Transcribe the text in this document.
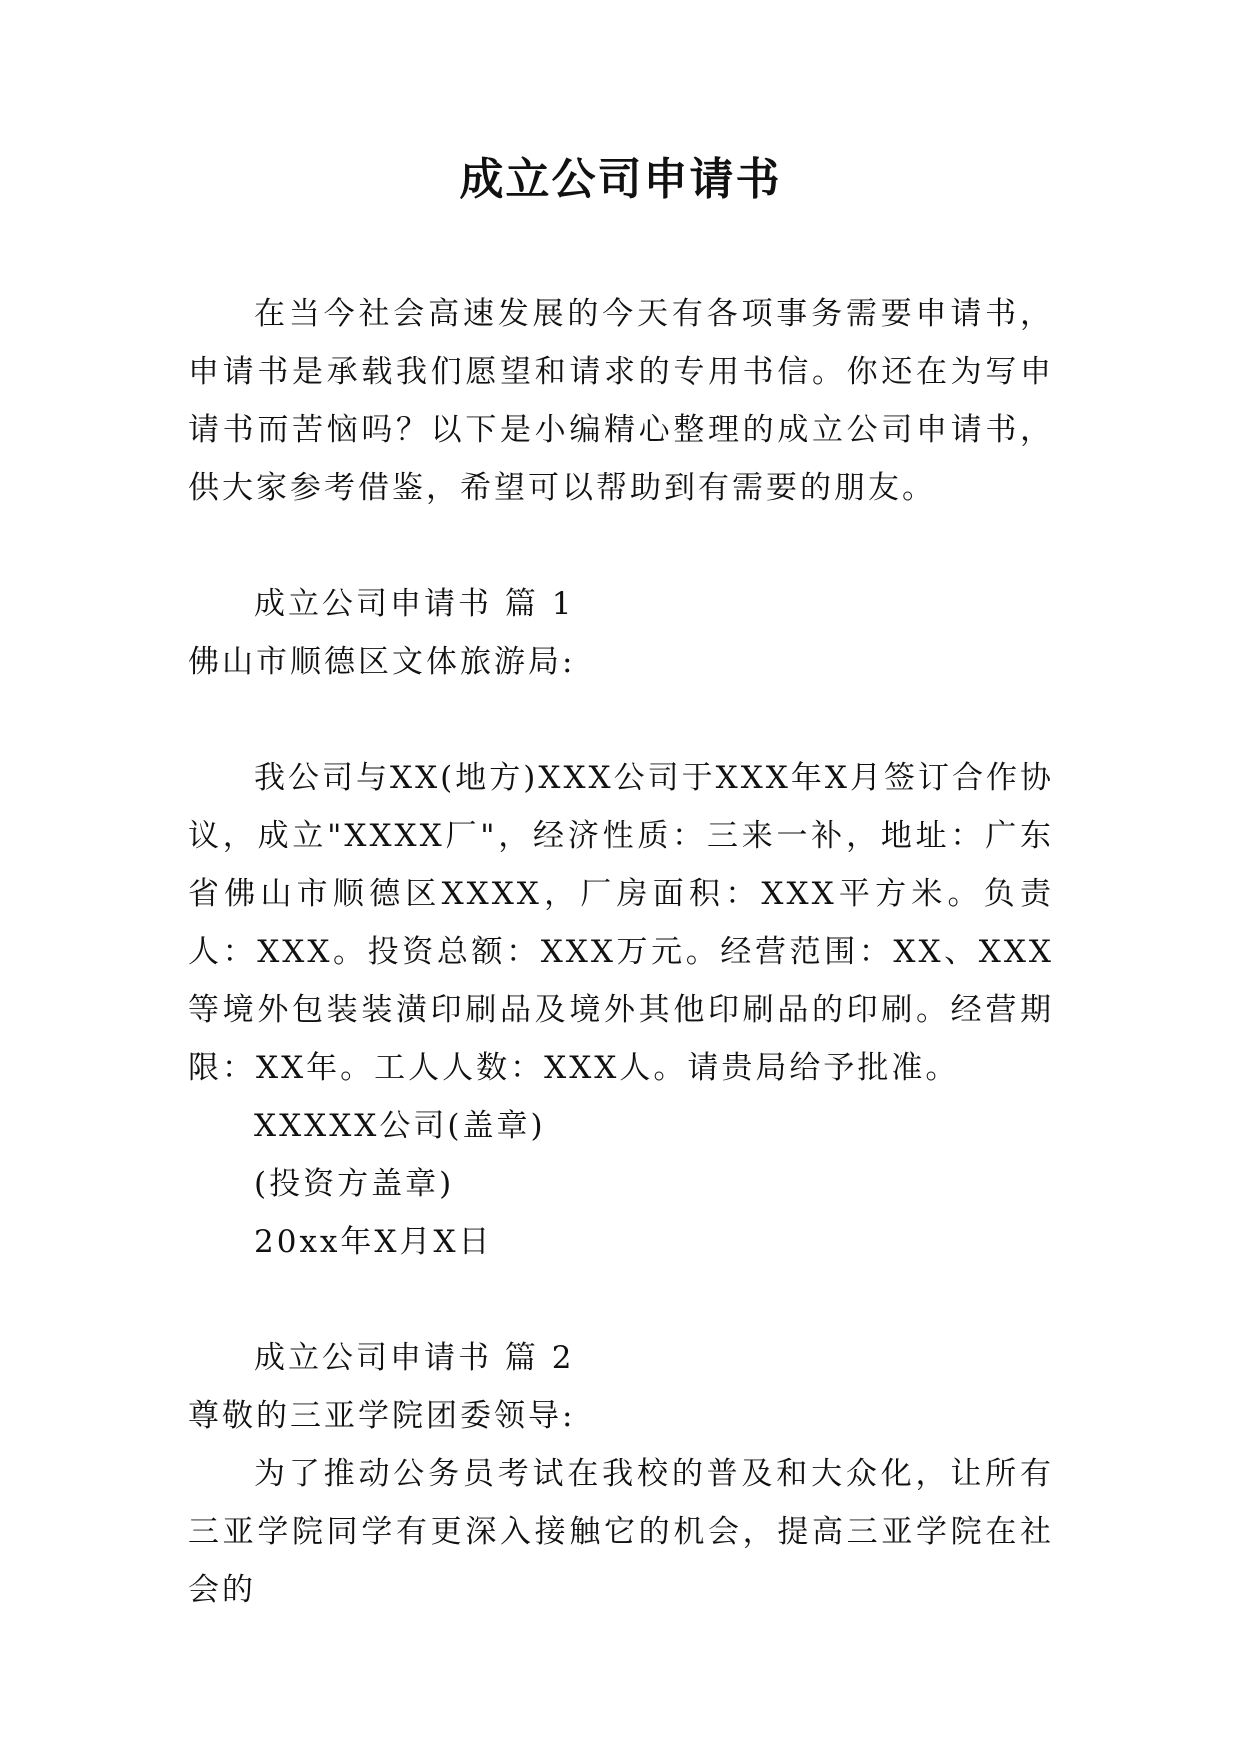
成立公司申请书

在当今社会高速发展的今天有各项事务需要申请书，申请书是承载我们愿望和请求的专用书信。你还在为写申请书而苦恼吗？以下是小编精心整理的成立公司申请书，供大家参考借鉴，希望可以帮助到有需要的朋友。

成立公司申请书 篇 1

佛山市顺德区文体旅游局:

我公司与XX(地方)XXX公司于XXX年X月签订合作协议，成立"XXXX厂"，经济性质：三来一补，地址：广东省佛山市顺德区XXXX，厂房面积：XXX平方米。负责人：XXX。投资总额：XXX万元。经营范围：XX、XXX等境外包装装潢印刷品及境外其他印刷品的印刷。经营期限：XX年。工人人数：XXX人。请贵局给予批准。

XXXXX公司(盖章)

(投资方盖章)

20xx年X月X日

成立公司申请书 篇 2

尊敬的三亚学院团委领导:

为了推动公务员考试在我校的普及和大众化，让所有三亚学院同学有更深入接触它的机会，提高三亚学院在社会的
